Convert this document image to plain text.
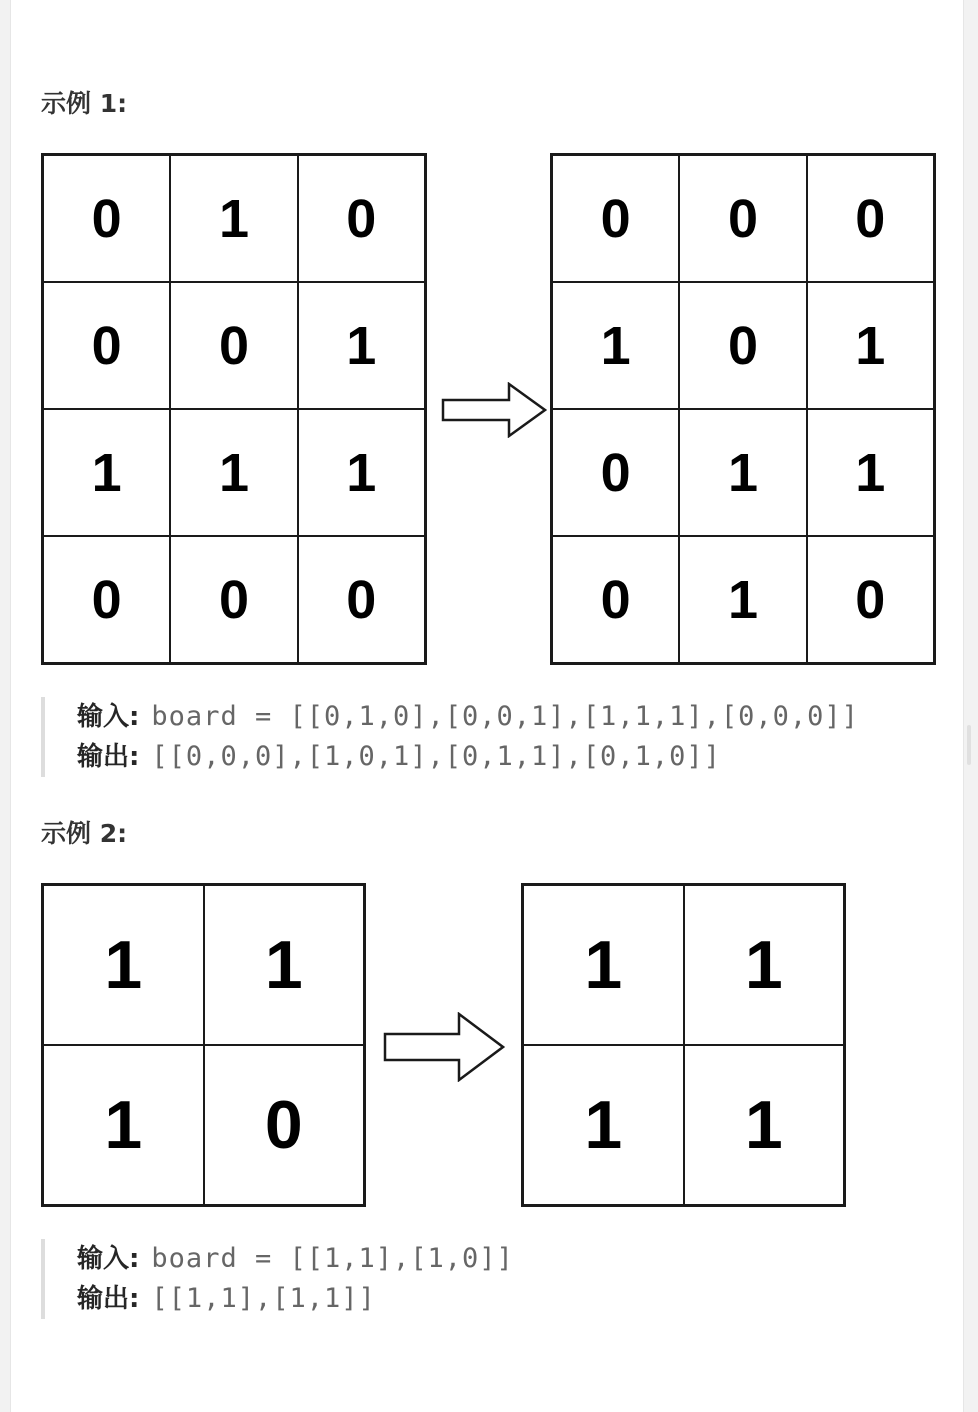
示例 1:
0	1	0
0	0	1
1	1	1
0	0	0
0	0	0
1	0	1
0	1	1
0	1	0
输入 : board = [[0,1,0],[0,0,1],[1,1,1],[0,0,0]]
输出 : [[0,0,0],[1,0,1],[0,1,1],[0,1,0]]
示例 2:
1	1
1	0
1	1
1	1
输入 : board = [[1,1],[1,0]]
输出 : [[1,1],[1,1]]
